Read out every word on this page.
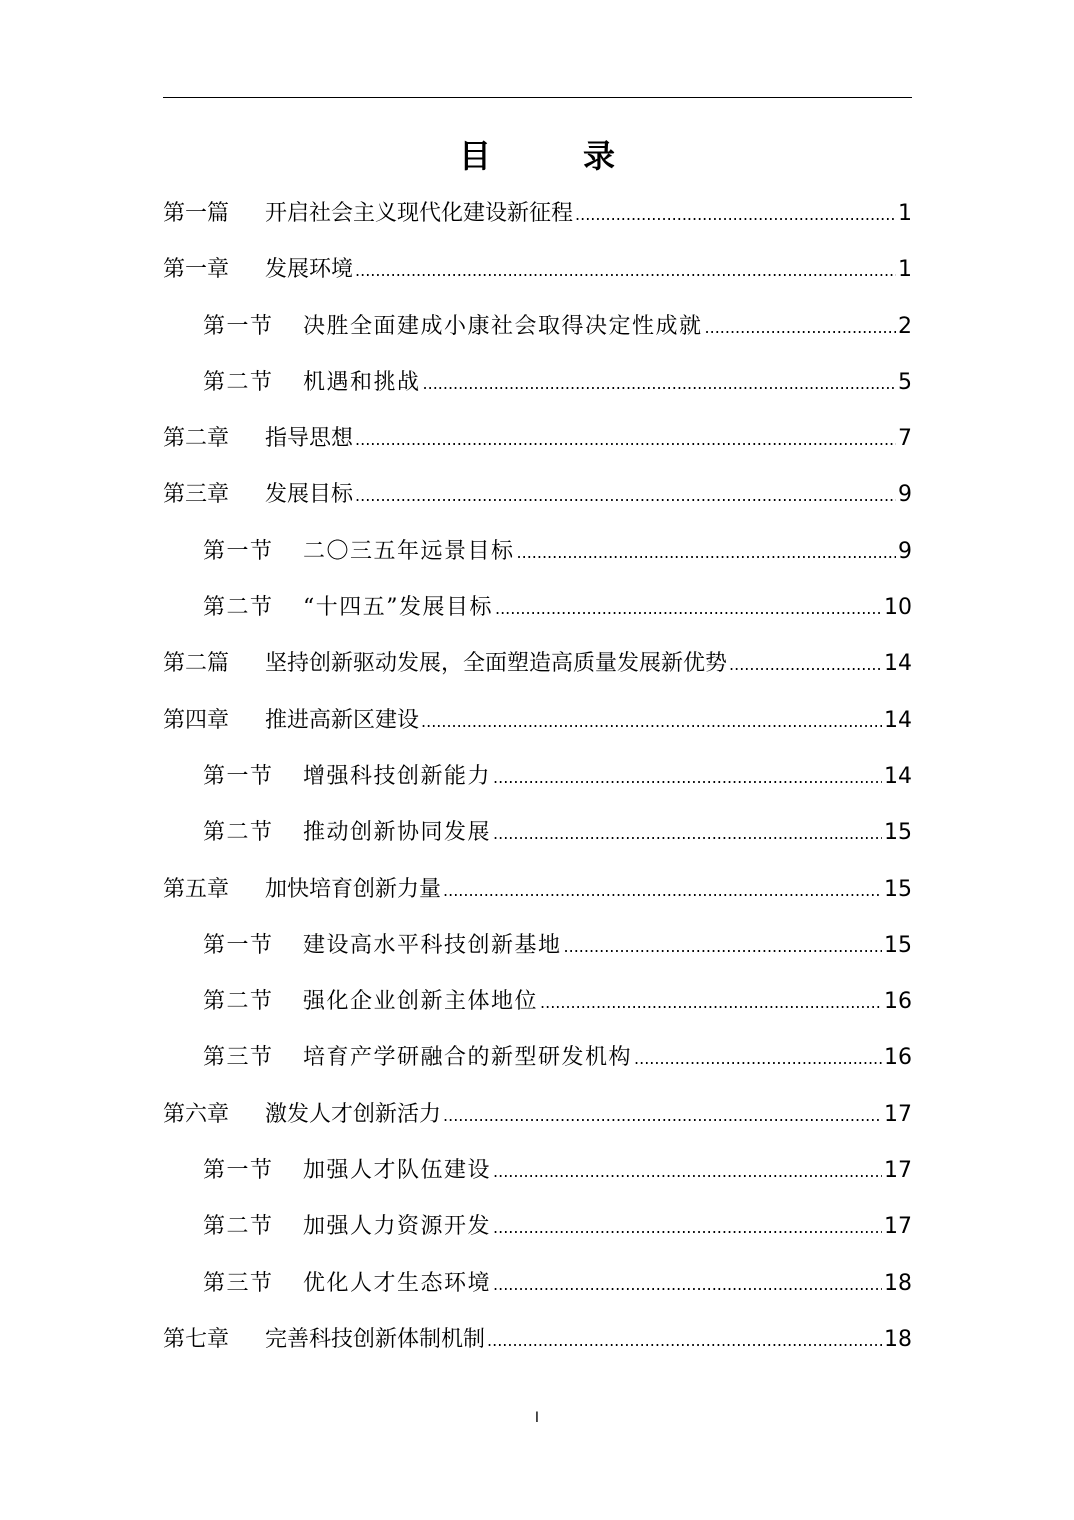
目　录
第一篇	开启社会主义现代化建设新征程 .....	1
第一章	发展环境 .....	1
第一节	决胜全面建成小康社会取得决定性成就 .....	2
第二节	机遇和挑战 .....	5
第二章	指导思想 .....	7
第三章	发展目标 .....	9
第一节	二〇三五年远景目标 .....	9
第二节	“十四五”发展目标 .....	10
第二篇	坚持创新驱动发展，全面塑造高质量发展新优势 .....	14
第四章	推进高新区建设 .....	14
第一节	增强科技创新能力 .....	14
第二节	推动创新协同发展 .....	15
第五章	加快培育创新力量 .....	15
第一节	建设高水平科技创新基地 .....	15
第二节	强化企业创新主体地位 .....	16
第三节	培育产学研融合的新型研发机构 .....	16
第六章	激发人才创新活力 .....	17
第一节	加强人才队伍建设 .....	17
第二节	加强人力资源开发 .....	17
第三节	优化人才生态环境 .....	18
第七章	完善科技创新体制机制 .....	18
I
